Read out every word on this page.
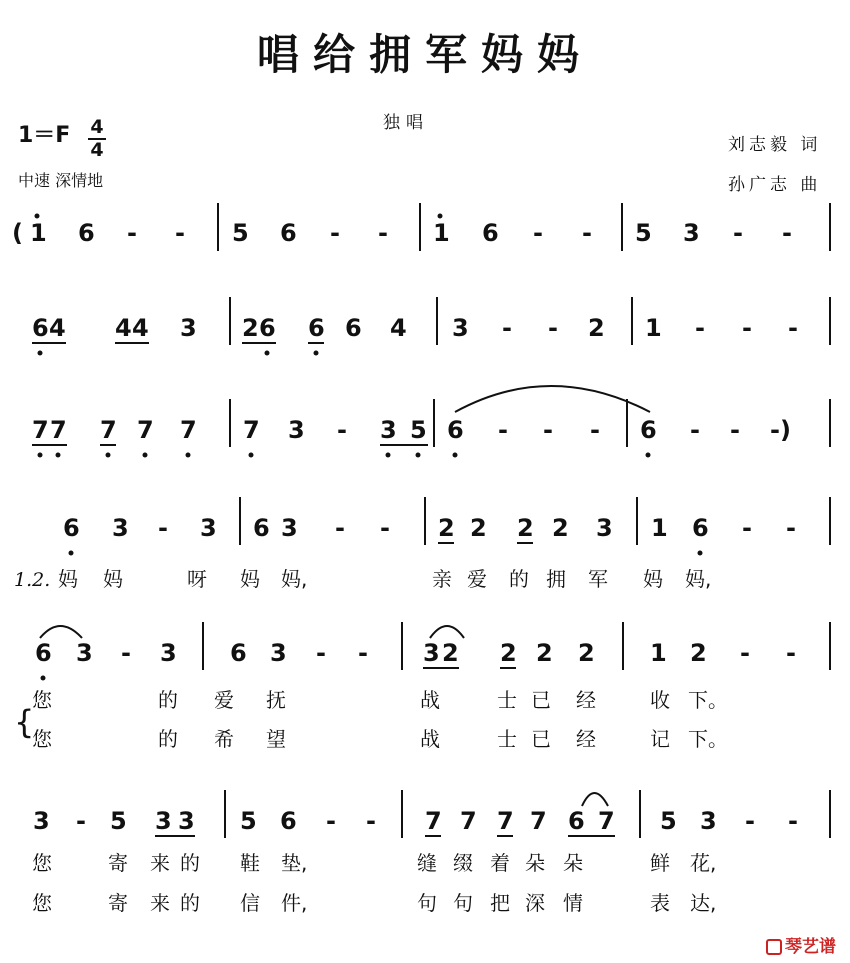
唱给拥军妈妈
独唱
1＝F 4
4
中速 深情地
刘志毅 词
孙广志 曲
( 1 6 - - 5 6 - - 1 6 - - 5 3 - -
6 4 4 4 3 2 6 6 6 4 3 - - 2 1 - - -
7 7 7 7 7 7 3 - 3 5 6 - - - 6 - - -)
6 3 - 3 6 3 - - 2 2 2 2 3 1 6 - -
1.2. 妈 妈	呀 妈 妈,	亲 爱 的 拥 军 妈 妈,
6 3 - 3 6 3 - - 3 2 2 2 2 1 2 - -
{
您	的 爱 抚	战	士 已 经	收 下。
您	的 希 望	战	士 已 经	记 下。
3 - 5 3 3 5 6 - - 7 7 7 7 6 7 5 3 - -
您	寄 来 的 鞋 垫,	缝 缀 着 朵 朵	鲜 花,
您	寄 来 的 信 件,	句 句 把 深 情	表 达,
琴艺谱
